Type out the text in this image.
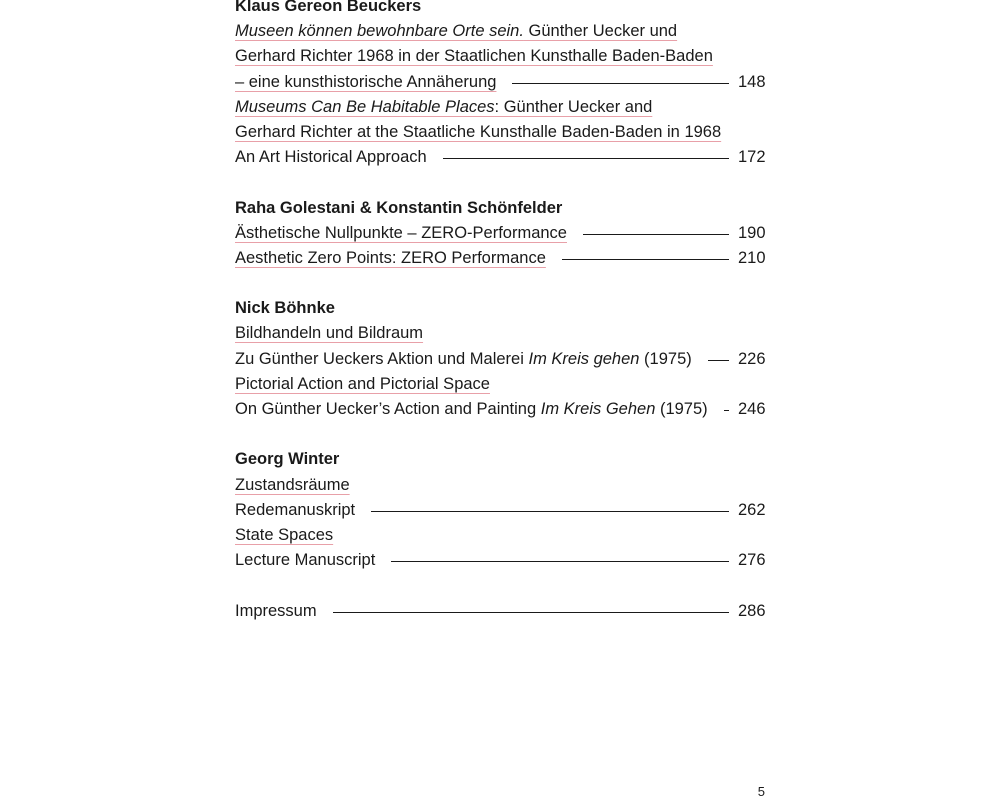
Klaus Gereon Beuckers
Museen können bewohnbare Orte sein. Günther Uecker und
Gerhard Richter 1968 in der Staatlichen Kunsthalle Baden-Baden
– eine kunsthistorische Annäherung	148
Museums Can Be Habitable Places: Günther Uecker and
Gerhard Richter at the Staatliche Kunsthalle Baden-Baden in 1968
An Art Historical Approach	172
Raha Golestani & Konstantin Schönfelder
Ästhetische Nullpunkte – ZERO-Performance	190
Aesthetic Zero Points: ZERO Performance	210
Nick Böhnke
Bildhandeln und Bildraum
Zu Günther Ueckers Aktion und Malerei Im Kreis gehen (1975)	226
Pictorial Action and Pictorial Space
On Günther Uecker’s Action and Painting Im Kreis Gehen (1975) 246
Georg Winter
Zustandsräume
Redemanuskript	262
State Spaces
Lecture Manuscript	276
Impressum	286
5
